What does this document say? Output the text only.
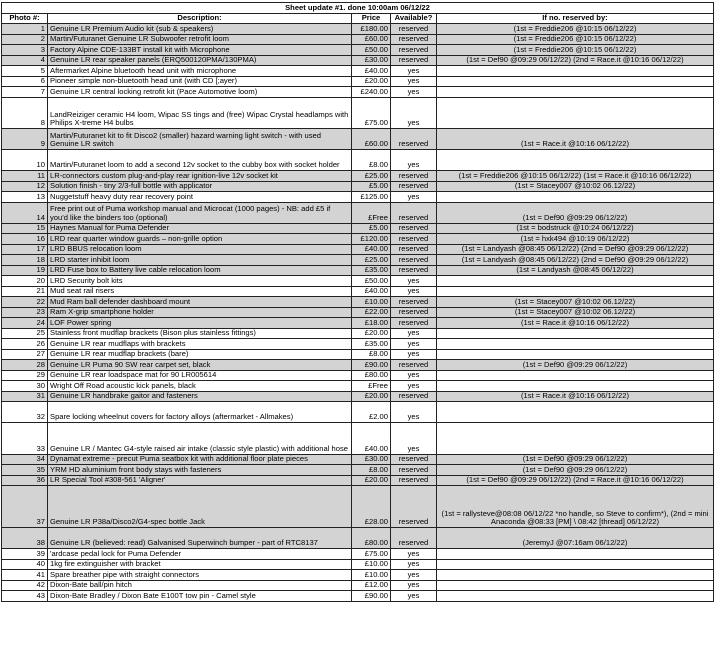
Sheet update #1. done 10:00am 06/12/22				
Photo #:	Description:	Price	Available?	If no. reserved by:
1	Genuine LR Premium Audio kit (sub & speakers)	£180.00	reserved	(1st = Freddie206 @10:15 06/12/22)
2	Martin/Futuranet Genuine LR Subwoofer retrofit loom	£60.00	reserved	(1st = Freddie206 @10:15 06/12/22)
3	Factory Alpine CDE-133BT install kit with Microphone	£50.00	reserved	(1st = Freddie206 @10:15 06/12/22)
4	Genuine LR rear speaker panels (ERQ500120PMA/130PMA)	£30.00	reserved	(1st = Def90 @09:29 06/12/22) (2nd = Race.it @10:16 06/12/22)
5	Aftermarket Alpine bluetooth head unit with microphone	£40.00	yes	
6	Pioneer simple non-bluetooth head unit (with CD [;ayer)	£20.00	yes	
7	Genuine LR central locking retrofit kit (Pace Automotive loom)	£240.00	yes	
8	LandReiziger ceramic H4 loom, Wipac SS tings and (free) Wipac Crystal headlamps with Philips X-treme H4 bulbs	£75.00	yes	
9	Martin/Futuranet kit to fit Disco2 (smaller) hazard warning light switch - with used Genuine LR switch	£60.00	reserved	(1st = Race.it @10:16 06/12/22)
10	Martin/Futuranet loom to add a second 12v socket to the cubby box with socket holder	£8.00	yes	
11	LR-connectors custom plug-and-play rear ignition-live 12v socket kit	£25.00	reserved	(1st = Freddie206 @10:15 06/12/22) (1st = Race.it @10:16 06/12/22)
12	Solution finish - tiny 2/3-full bottle with applicator	£5.00	reserved	(1st = Stacey007 @10:02 06.12/22)
13	Nuggetstuff heavy duty rear recovery point	£125.00	yes	
14	Free print out of Puma workshop manual and Microcat (1000 pages) - NB: add £5 if you'd like the binders too (optional)	£Free	reserved	(1st = Def90 @09:29 06/12/22)
15	Haynes Manual for Puma Defender	£5.00	reserved	(1st = bodstruck @10:24 06/12/22)
16	LRD rear quarter window guards – non-grille option	£120.00	reserved	(1st = hxk494 @10:19 06/12/22)
17	LRD BBUS relocation loom	£40.00	reserved	(1st = Landyash @08:45 06/12/22) (2nd = Def90 @09:29 06/12/22)
18	LRD starter inhibit loom	£25.00	reserved	(1st = Landyash @08:45 06/12/22) (2nd = Def90 @09:29 06/12/22)
19	LRD Fuse box to Battery live cable relocation loom	£35.00	reserved	(1st = Landyash @08:45 06/12/22)
20	LRD Security bolt kits	£50.00	yes	
21	Mud seat rail risers	£40.00	yes	
22	Mud Ram ball defender dashboard mount	£10.00	reserved	(1st = Stacey007 @10:02 06.12/22)
23	Ram X-grip smartphone holder	£22.00	reserved	(1st = Stacey007 @10:02 06.12/22)
24	LOF Power spring	£18.00	reserved	(1st = Race.it @10:16 06/12/22)
25	Stainless front mudflap brackets (Bison plus stainless fittings)	£20.00	yes	
26	Genuine LR rear mudflaps with brackets	£35.00	yes	
27	Genuine LR rear mudflap brackets (bare)	£8.00	yes	
28	Genuine LR Puma 90 SW rear carpet set, black	£90.00	reserved	(1st = Def90 @09:29 06/12/22)
29	Genuine LR rear loadspace mat for 90 LR005614	£80.00	yes	
30	Wright Off Road acoustic kick panels, black	£Free	yes	
31	Genuine LR handbrake gaitor and fasteners	£20.00	reserved	(1st = Race.it @10:16 06/12/22)
32	Spare locking wheelnut covers for factory alloys (aftermarket - Allmakes)	£2.00	yes	
33	Genuine LR / Mantec G4-style raised air intake (classic style plastic) with additional hose	£40.00	yes	
34	Dynamat extreme - precut Puma seatbox kit with additional floor plate pieces	£30.00	reserved	(1st = Def90 @09:29 06/12/22)
35	YRM HD aluminium front body stays with fasteners	£8.00	reserved	(1st = Def90 @09:29 06/12/22)
36	LR Special Tool #308-561 'Aligner'	£20.00	reserved	(1st = Def90 @09:29 06/12/22) (2nd = Race.it @10:16 06/12/22)
37	Genuine LR P38a/Disco2/G4-spec bottle Jack	£28.00	reserved	(1st = rallysteve@08:08 06/12/22 *no handle, so Steve to confirm*), (2nd = mini Anaconda @08:33 [PM] \ 08:42 [thread] 06/12/22)
38	Genuine LR (believed: read) Galvanised Superwinch bumper - part of RTC8137	£80.00	reserved	(JeremyJ @07:16am 06/12/22)
39	'ardcase pedal lock for Puma Defender	£75.00	yes	
40	1kg fire extinguisher with bracket	£10.00	yes	
41	Spare breather pipe with straight connectors	£10.00	yes	
42	Dixon-Bate ball/pin hitch	£12.00	yes	
43	Dixon-Bate Bradley / Dixon Bate E100T tow pin - Camel style	£90.00	yes	
